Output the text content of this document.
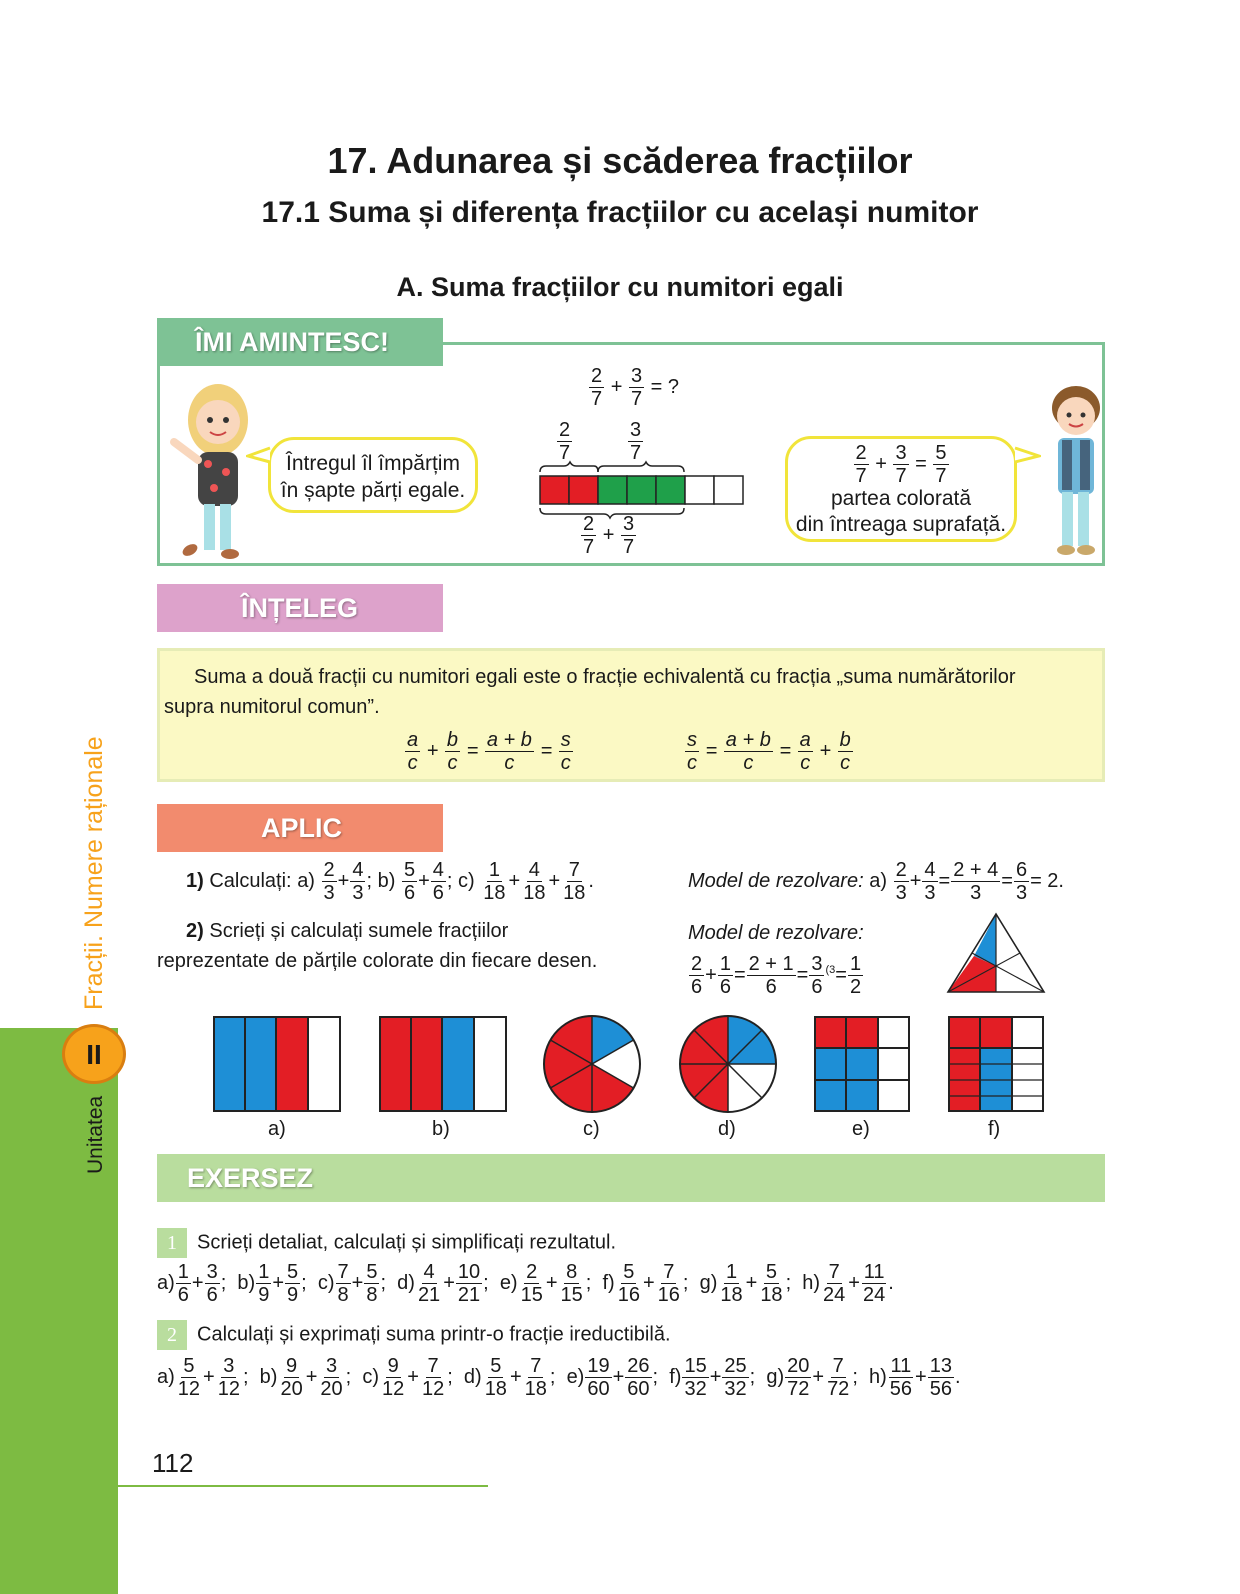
17. Adunarea și scăderea fracțiilor
17.1 Suma și diferența fracțiilor cu același numitor
A. Suma fracțiilor cu numitori egali
ÎMI AMINTESC!
Întregul îl împărțim
în șapte părți egale.
$\frac{2}{7} + \frac{3}{7}$ = ?
$\frac{2}{7}$	$\frac{3}{7}$
$\frac{2}{7} + \frac{3}{7}$
$\frac{2}{7} + \frac{3}{7} = \frac{5}{7}$
partea colorată
din întreaga suprafață.
ÎNȚELEG
Suma a două fracții cu numitori egali este o fracție echivalentă cu fracția „suma numărătorilor
supra numitorul comun”.
$\frac{a}{c} + \frac{b}{c} = \frac{a + b}{c} = \frac{s}{c}$	$\frac{s}{c} = \frac{a + b}{c} = \frac{a}{c} + \frac{b}{c}$
APLIC
1) Calculați: $a) \frac{2}{3} + \frac{4}{3}$ ; $b) \frac{5}{6} + \frac{4}{6}$ ; $c) \frac{1}{18} + \frac{4}{18} + \frac{7}{18}$ .	Model de rezolvare: $a) \frac{2}{3} + \frac{4}{3} = \frac{2 + 4}{3} = \frac{6}{3} = 2$.
2) Scrieți și calculați sumele fracțiilor
reprezentate de părțile colorate din fiecare desen.
Model de rezolvare:
$\frac{2}{6} + \frac{1}{6} = \frac{2 + 1}{6} = \frac{3}{6} ^{(3}= \frac{1}{2}$
a)	b)	c)	d)	e)	f)
EXERSEZ
1 Scrieți detaliat, calculați și simplificați rezultatul.
$a) \frac{1}{6} + \frac{3}{6}$ ;  $b) \frac{1}{9} + \frac{5}{9}$ ;  $c) \frac{7}{8} + \frac{5}{8}$ ;  $d) \frac{4}{21} + \frac{10}{21}$ ;  $e) \frac{2}{15} + \frac{8}{15}$ ;  $f) \frac{5}{16} + \frac{7}{16}$ ;  $g) \frac{1}{18} + \frac{5}{18}$ ;  $h) \frac{7}{24} + \frac{11}{24}$ .
2 Calculați și exprimați suma printr-o fracție ireductibilă.
$a) \frac{5}{12} + \frac{3}{12}$ ;  $b) \frac{9}{20} + \frac{3}{20}$ ;  $c) \frac{9}{12} + \frac{7}{12}$ ;  $d) \frac{5}{18} + \frac{7}{18}$ ;  $e) \frac{19}{60} + \frac{26}{60}$ ;  $f) \frac{15}{32} + \frac{25}{32}$ ;  $g) \frac{20}{72} + \frac{7}{72}$ ;  $h) \frac{11}{56} + \frac{13}{56}$ .
112
II
Unitatea
Fracții. Numere raționale
